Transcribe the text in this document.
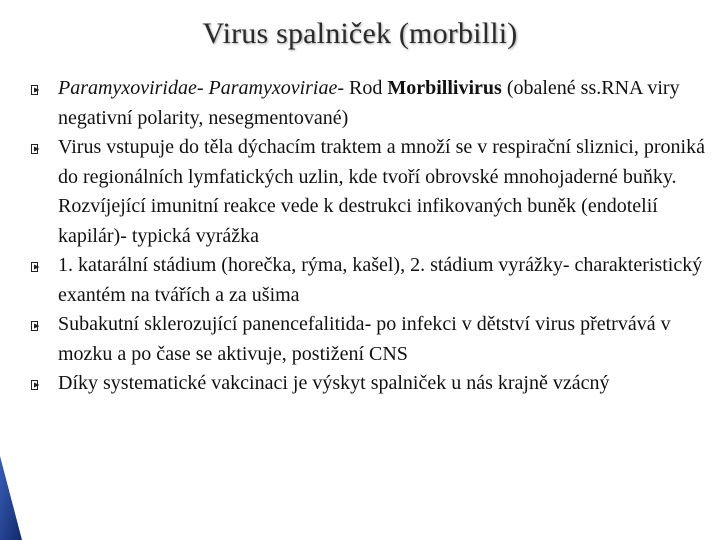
Virus spalniček (morbilli)

Paramyxoviridae- Paramyxoviriae- Rod Morbillivirus (obalené ss.RNA viry negativní polarity, nesegmentované)

Virus vstupuje do těla dýchacím traktem a množí se v respirační sliznici, proniká do regionálních lymfatických uzlin, kde tvoří obrovské mnohojaderné buňky. Rozvíjející imunitní reakce vede k destrukci infikovaných buněk (endotelií kapilár)- typická vyrážka

1. katarální stádium (horečka, rýma, kašel), 2. stádium vyrážky- charakteristický exantém na tvářích a za ušima

Subakutní sklerozující panencefalitida- po infekci v dětství virus přetrvává v mozku a po čase se aktivuje, postižení CNS

Díky systematické vakcinaci je výskyt spalniček u nás krajně vzácný
